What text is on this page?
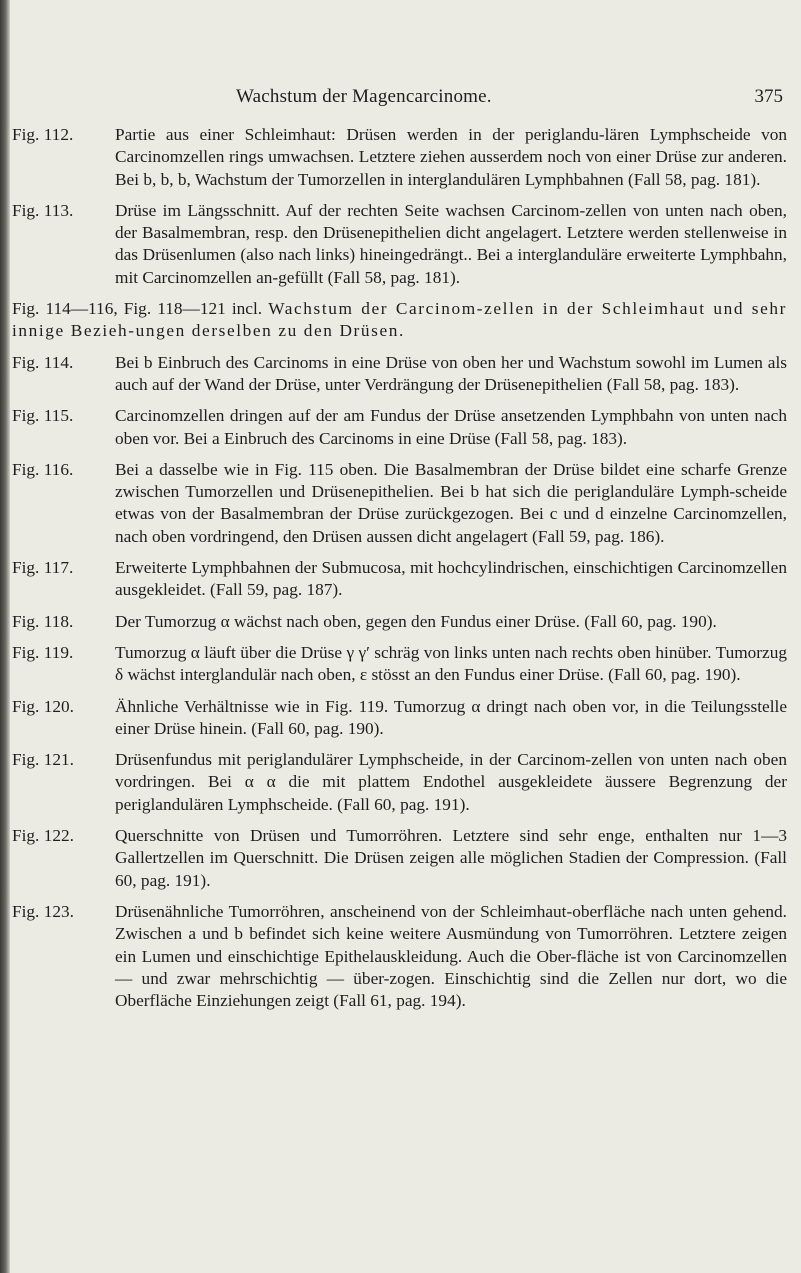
Wachstum der Magencarcinome.	375
Fig. 112. Partie aus einer Schleimhaut: Drüsen werden in der periglandu-lären Lymphscheide von Carcinomzellen rings umwachsen. Letztere ziehen ausserdem noch von einer Drüse zur anderen. Bei b, b, b, Wachstum der Tumorzellen in interglandulären Lymphbahnen (Fall 58, pag. 181).
Fig. 113. Drüse im Längsschnitt. Auf der rechten Seite wachsen Carcinom-zellen von unten nach oben, der Basalmembran, resp. den Drüsenepithelien dicht angelagert. Letztere werden stellenweise in das Drüsenlumen (also nach links) hineingedrängt.. Bei a interglanduläre erweiterte Lymphbahn, mit Carcinomzellen an-gefüllt (Fall 58, pag. 181).
Fig. 114—116, Fig. 118—121 incl. Wachstum der Carcinom-zellen in der Schleimhaut und sehr innige Bezieh-ungen derselben zu den Drüsen.
Fig. 114. Bei b Einbruch des Carcinoms in eine Drüse von oben her und Wachstum sowohl im Lumen als auch auf der Wand der Drüse, unter Verdrängung der Drüsenepithelien (Fall 58, pag. 183).
Fig. 115. Carcinomzellen dringen auf der am Fundus der Drüse ansetzenden Lymphbahn von unten nach oben vor. Bei a Einbruch des Carcinoms in eine Drüse (Fall 58, pag. 183).
Fig. 116. Bei a dasselbe wie in Fig. 115 oben. Die Basalmembran der Drüse bildet eine scharfe Grenze zwischen Tumorzellen und Drüsenepithelien. Bei b hat sich die periglanduläre Lymph-scheide etwas von der Basalmembran der Drüse zurückgezogen. Bei c und d einzelne Carcinomzellen, nach oben vordringend, den Drüsen aussen dicht angelagert (Fall 59, pag. 186).
Fig. 117. Erweiterte Lymphbahnen der Submucosa, mit hochcylindrischen, einschichtigen Carcinomzellen ausgekleidet. (Fall 59, pag. 187).
Fig. 118. Der Tumorzug α wächst nach oben, gegen den Fundus einer Drüse. (Fall 60, pag. 190).
Fig. 119. Tumorzug α läuft über die Drüse γ γ′ schräg von links unten nach rechts oben hinüber. Tumorzug δ wächst interglandulär nach oben, ε stösst an den Fundus einer Drüse. (Fall 60, pag. 190).
Fig. 120. Ähnliche Verhältnisse wie in Fig. 119. Tumorzug α dringt nach oben vor, in die Teilungsstelle einer Drüse hinein. (Fall 60, pag. 190).
Fig. 121. Drüsenfundus mit periglandulärer Lymphscheide, in der Carcinom-zellen von unten nach oben vordringen. Bei α α die mit plattem Endothel ausgekleidete äussere Begrenzung der periglandulären Lymphscheide. (Fall 60, pag. 191).
Fig. 122. Querschnitte von Drüsen und Tumorröhren. Letztere sind sehr enge, enthalten nur 1—3 Gallertzellen im Querschnitt. Die Drüsen zeigen alle möglichen Stadien der Compression. (Fall 60, pag. 191).
Fig. 123. Drüsenähnliche Tumorröhren, anscheinend von der Schleimhaut-oberfläche nach unten gehend. Zwischen a und b befindet sich keine weitere Ausmündung von Tumorröhren. Letztere zeigen ein Lumen und einschichtige Epithelauskleidung. Auch die Ober-fläche ist von Carcinomzellen — und zwar mehrschichtig — über-zogen. Einschichtig sind die Zellen nur dort, wo die Oberfläche Einziehungen zeigt (Fall 61, pag. 194).
